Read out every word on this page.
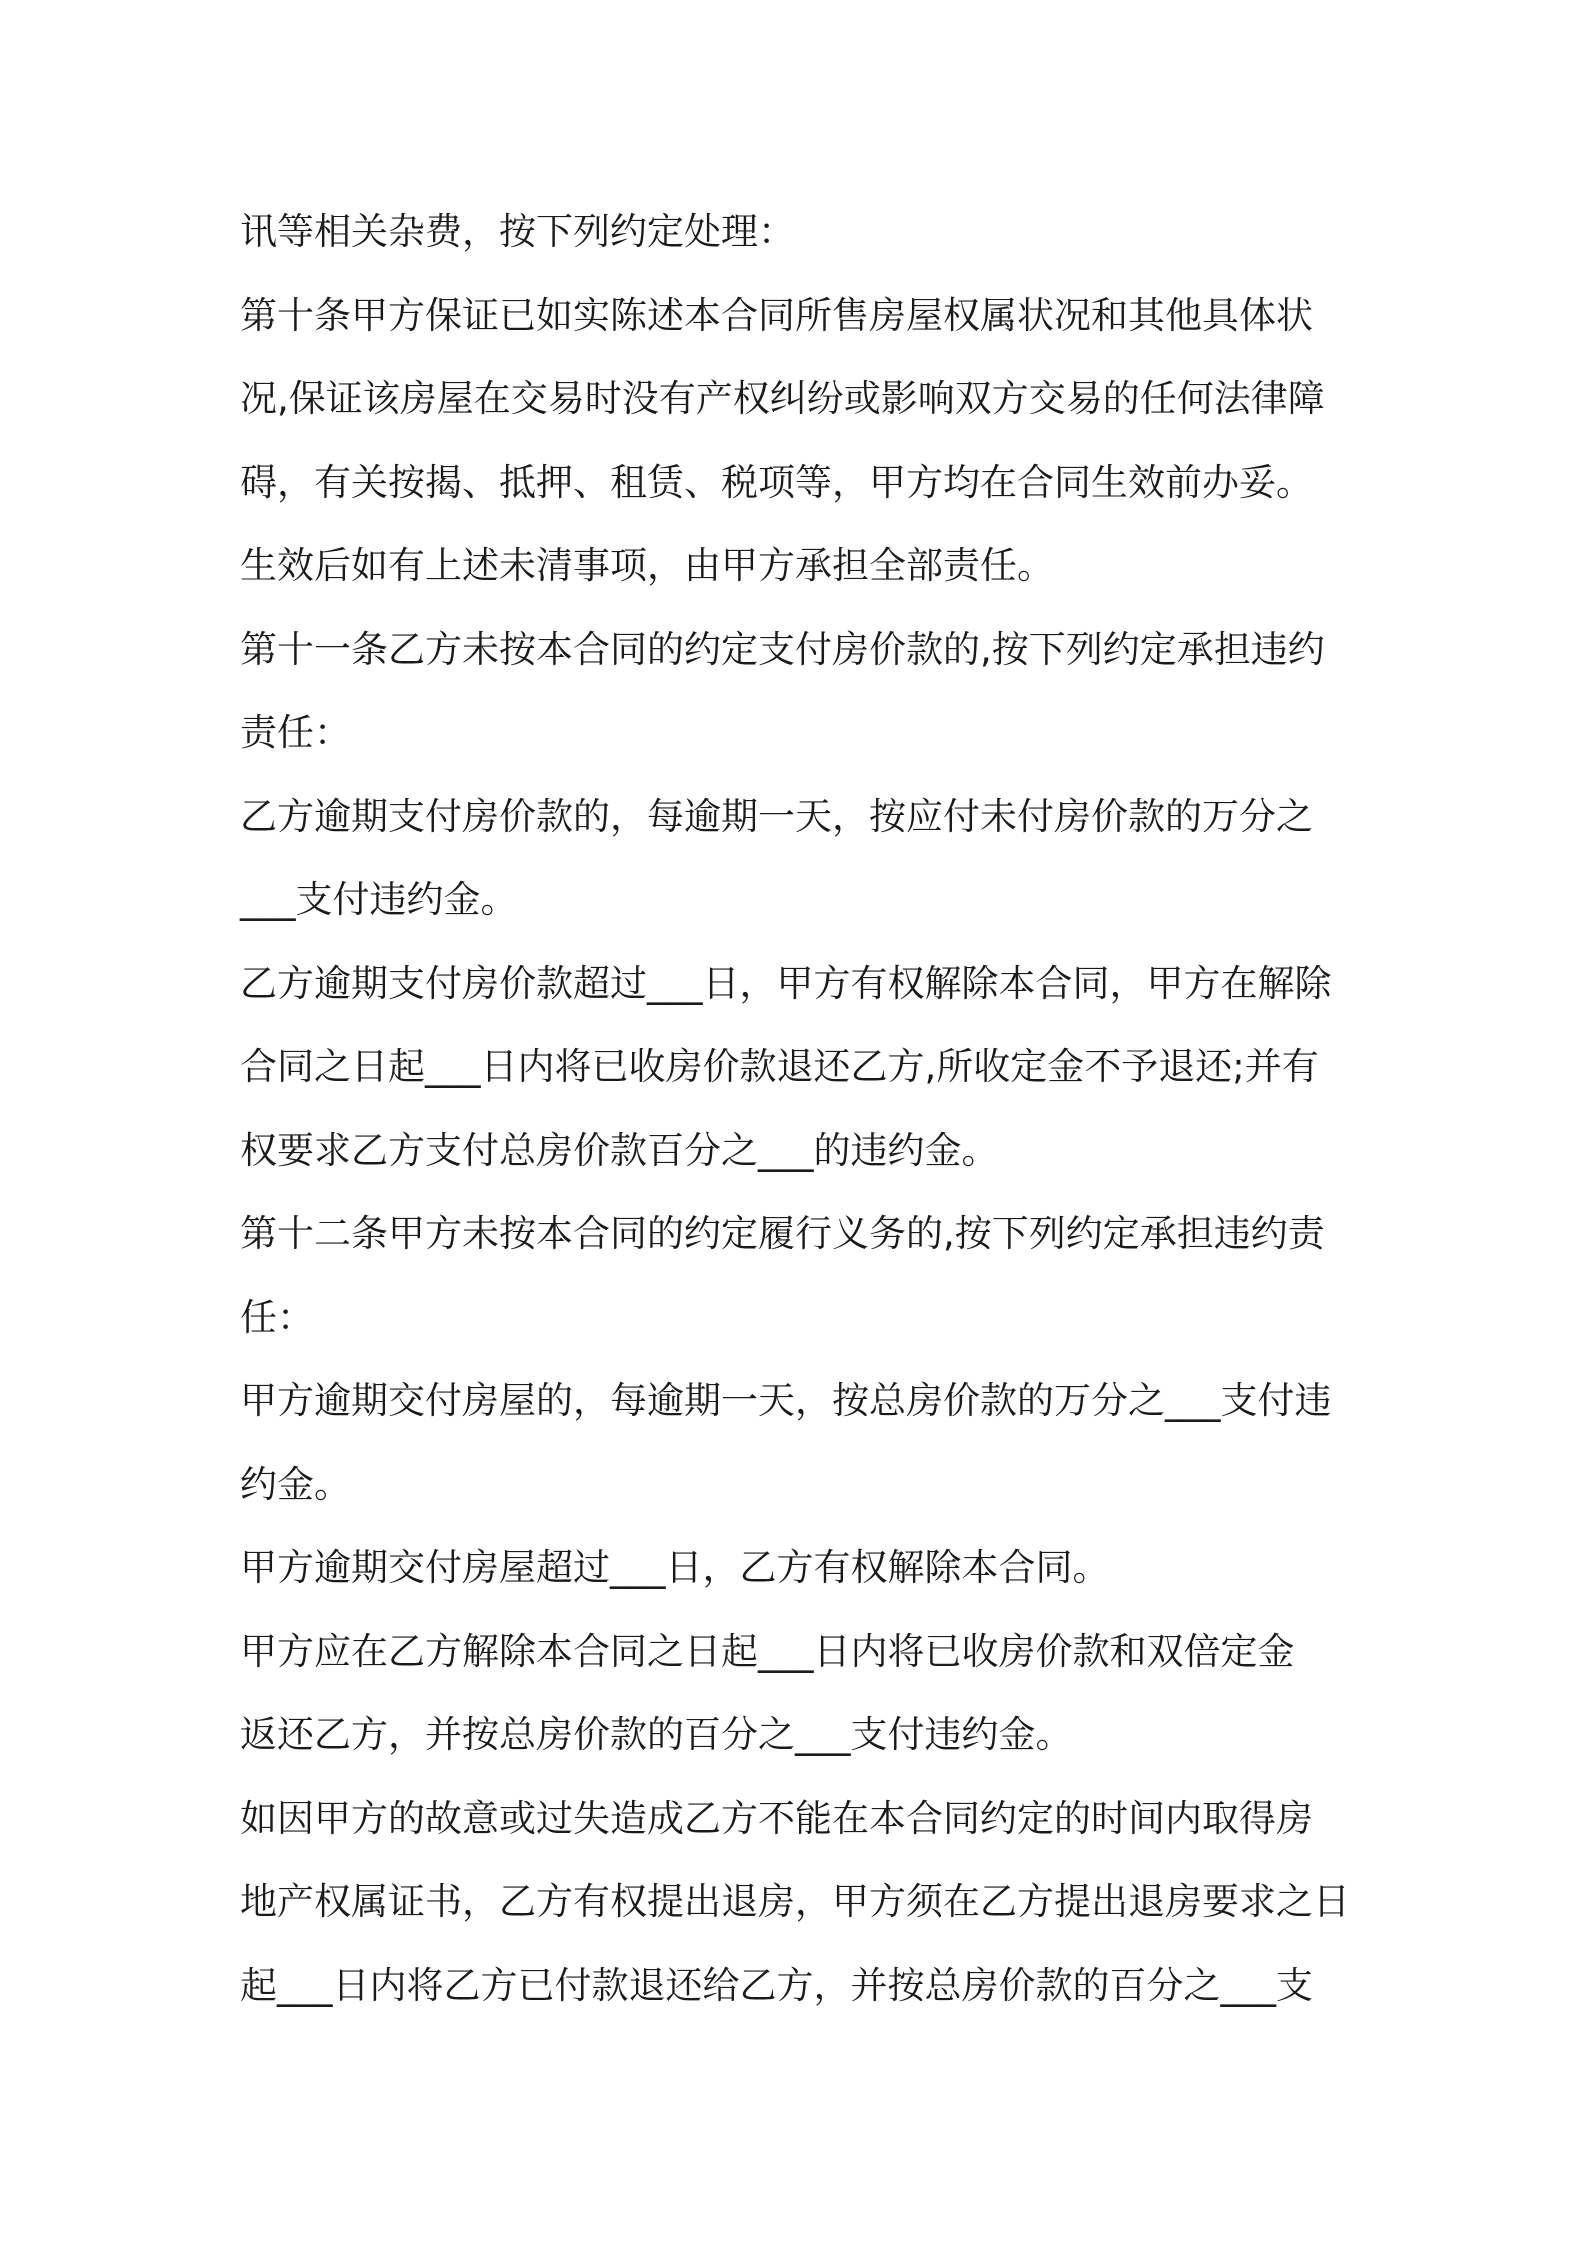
讯等相关杂费，按下列约定处理：
第十条甲方保证已如实陈述本合同所售房屋权属状况和其他具体状
况,保证该房屋在交易时没有产权纠纷或影响双方交易的任何法律障
碍，有关按揭、抵押、租赁、税项等，甲方均在合同生效前办妥。
生效后如有上述未清事项，由甲方承担全部责任。
第十一条乙方未按本合同的约定支付房价款的,按下列约定承担违约
责任：
乙方逾期支付房价款的，每逾期一天，按应付未付房价款的万分之
___支付违约金。
乙方逾期支付房价款超过___日，甲方有权解除本合同，甲方在解除
合同之日起___日内将已收房价款退还乙方,所收定金不予退还;并有
权要求乙方支付总房价款百分之___的违约金。
第十二条甲方未按本合同的约定履行义务的,按下列约定承担违约责
任：
甲方逾期交付房屋的，每逾期一天，按总房价款的万分之___支付违
约金。
甲方逾期交付房屋超过___日，乙方有权解除本合同。
甲方应在乙方解除本合同之日起___日内将已收房价款和双倍定金
返还乙方，并按总房价款的百分之___支付违约金。
如因甲方的故意或过失造成乙方不能在本合同约定的时间内取得房
地产权属证书，乙方有权提出退房，甲方须在乙方提出退房要求之日
起___日内将乙方已付款退还给乙方，并按总房价款的百分之___支
